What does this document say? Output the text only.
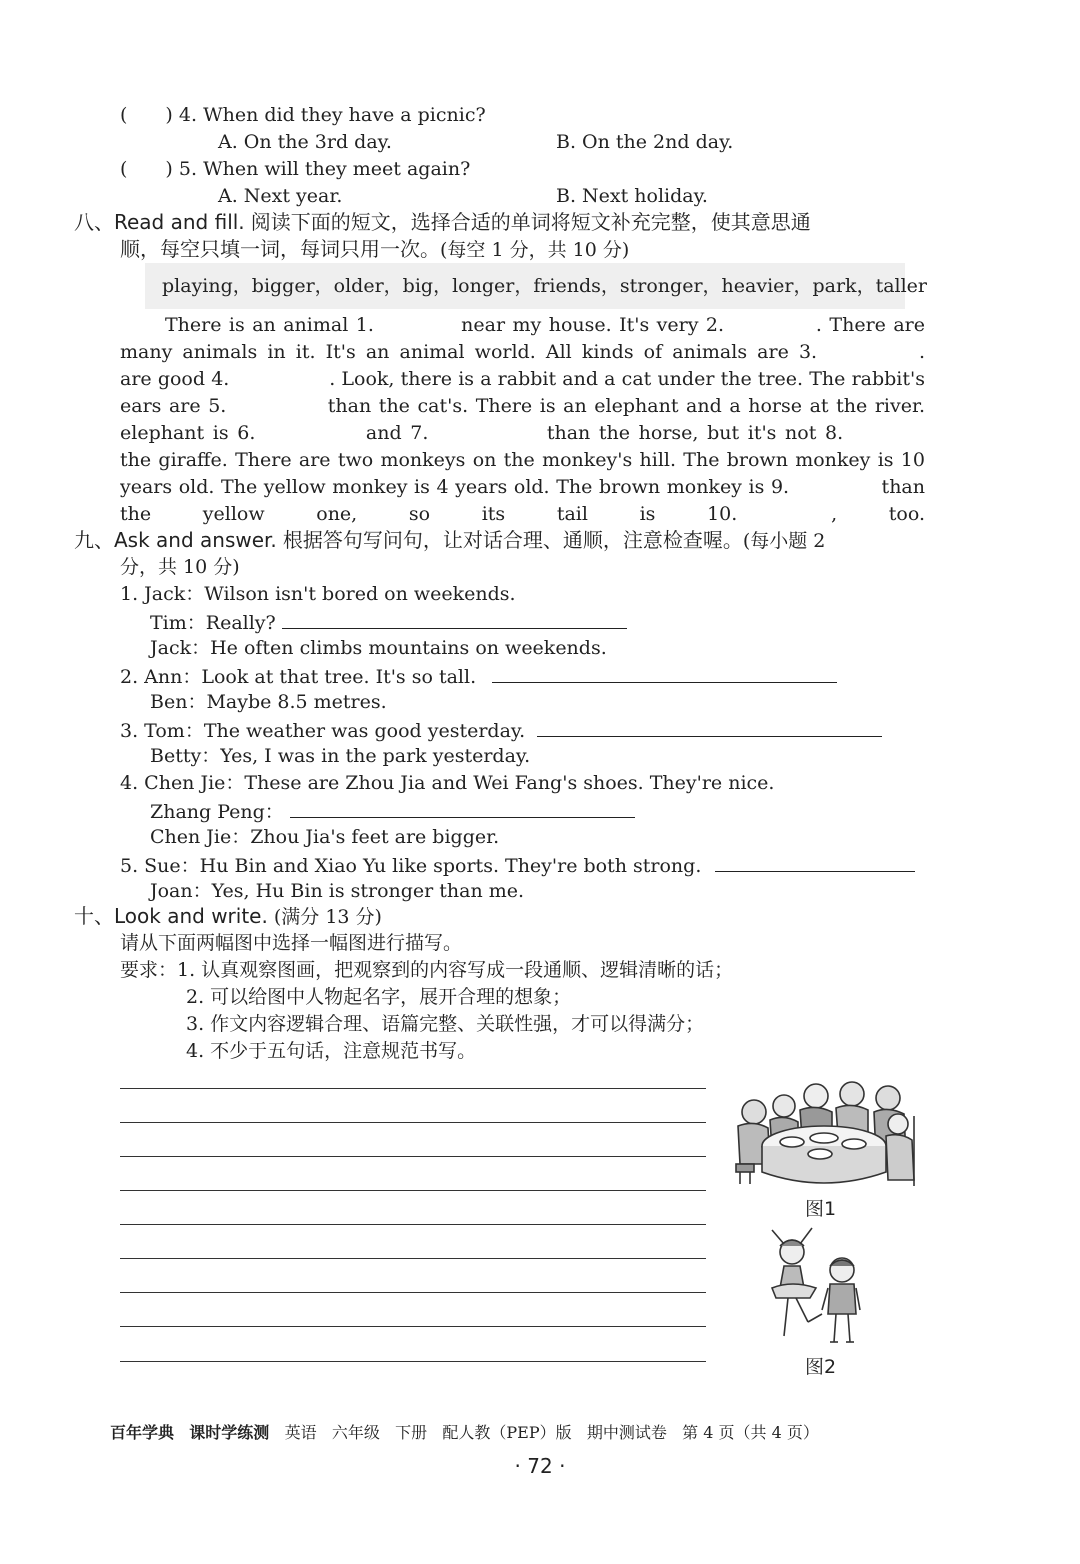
(　　) 4. When did they have a picnic?
A. On the 3rd day.	B. On the 2nd day.
(　　) 5. When will they meet again?
A. Next year.	B. Next holiday.
八、Read and fill. 阅读下面的短文，选择合适的单词将短文补充完整，使其意思通
顺，每空只填一词，每词只用一次。(每空 1 分，共 10 分)
playing，bigger，older，big，longer，friends，stronger，heavier，park，taller
There is an animal 1.	near my house. It's very 2.	. There are
many animals in it. It's an animal world. All kinds of animals are 3.	.
are good 4.	. Look, there is a rabbit and a cat under the tree. The rabbit's
ears are 5.	than the cat's. There is an elephant and a horse at the river.
elephant is 6.	and 7.	than the horse, but it's not 8.
the giraffe. There are two monkeys on the monkey's hill. The brown monkey is 10
years old. The yellow monkey is 4 years old. The brown monkey is 9.	than
the yellow one, so its tail is 10.	, too.
九、Ask and answer. 根据答句写问句，让对话合理、通顺，注意检查喔。(每小题 2
分，共 10 分)
1. Jack：Wilson isn't bored on weekends.
Tim：Really?
Jack：He often climbs mountains on weekends.
2. Ann：Look at that tree. It's so tall.
Ben：Maybe 8.5 metres.
3. Tom：The weather was good yesterday.
Betty：Yes, I was in the park yesterday.
4. Chen Jie：These are Zhou Jia and Wei Fang's shoes. They're nice.
Zhang Peng：
Chen Jie：Zhou Jia's feet are bigger.
5. Sue：Hu Bin and Xiao Yu like sports. They're both strong.
Joan：Yes, Hu Bin is stronger than me.
十、Look and write. (满分 13 分)
请从下面两幅图中选择一幅图进行描写。
要求：1. 认真观察图画，把观察到的内容写成一段通顺、逻辑清晰的话；
2. 可以给图中人物起名字，展开合理的想象；
3. 作文内容逻辑合理、语篇完整、关联性强，才可以得满分；
4. 不少于五句话，注意规范书写。
图1
图2
百年学典 课时学练测 英语 六年级 下册 配人教（PEP）版 期中测试卷 第 4 页（共 4 页）
· 72 ·
